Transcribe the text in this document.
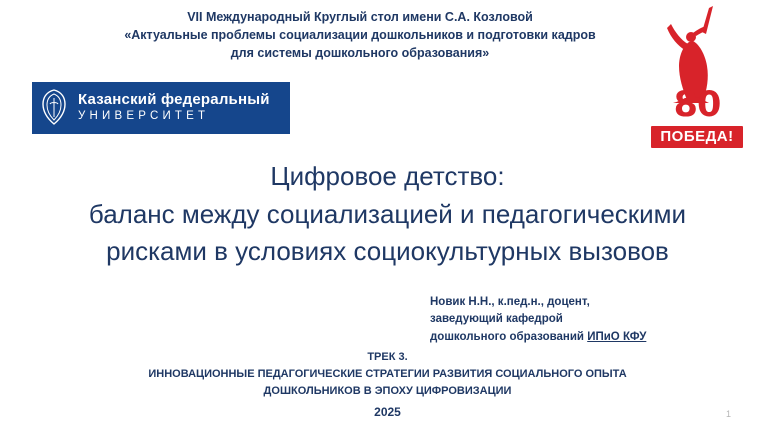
VII Международный Круглый стол имени С.А. Козловой
«Актуальные проблемы социализации дошкольников и подготовки кадров
для системы дошкольного образования»
Казанский федеральный
УНИВЕРСИТЕТ	80
ПОБЕДА!
Цифровое детство:
баланс между социализацией и педагогическими
рисками в условиях социокультурных вызовов
Новик Н.Н., к.пед.н., доцент,
заведующий кафедрой
дошкольного образований ИПиО КФУ
ТРЕК 3.
ИННОВАЦИОННЫЕ ПЕДАГОГИЧЕСКИЕ СТРАТЕГИИ РАЗВИТИЯ СОЦИАЛЬНОГО ОПЫТА
ДОШКОЛЬНИКОВ В ЭПОХУ ЦИФРОВИЗАЦИИ
2025	1
